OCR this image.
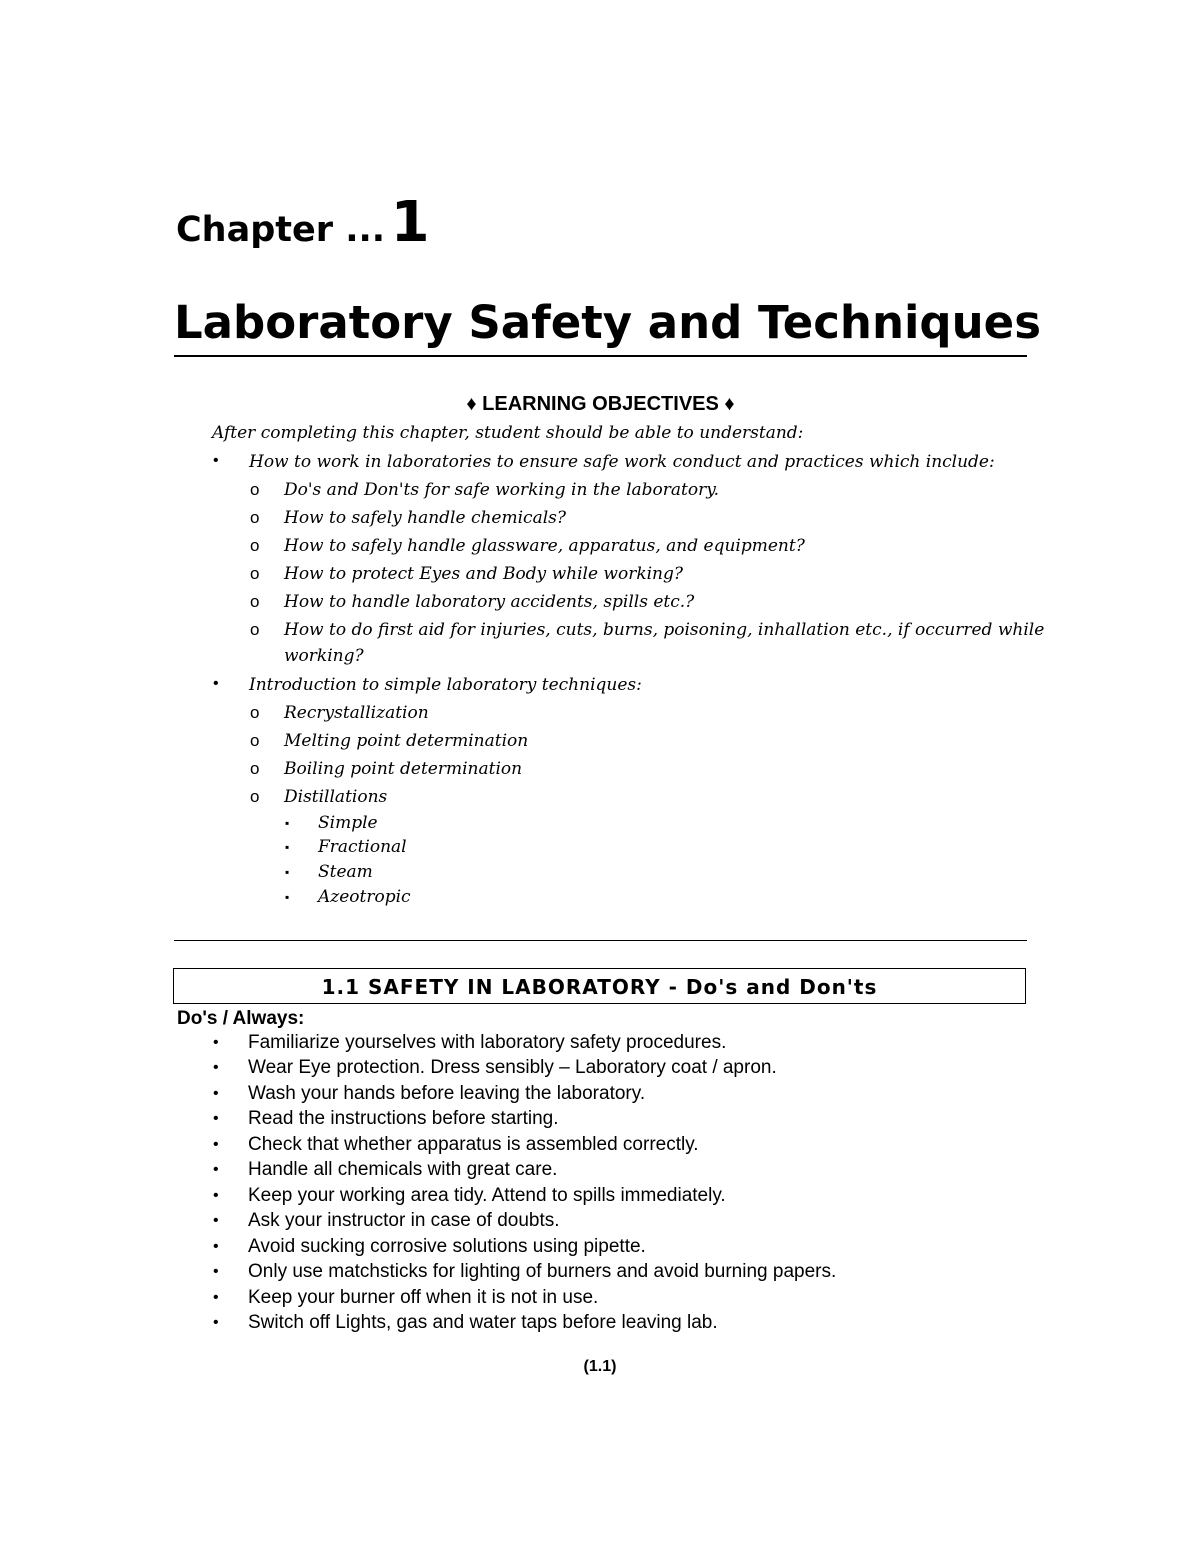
Chapter ... 1
Laboratory Safety and Techniques
♦ LEARNING OBJECTIVES ♦
After completing this chapter, student should be able to understand:
• How to work in laboratories to ensure safe work conduct and practices which include:
o Do's and Don'ts for safe working in the laboratory.
o How to safely handle chemicals?
o How to safely handle glassware, apparatus, and equipment?
o How to protect Eyes and Body while working?
o How to handle laboratory accidents, spills etc.?
o How to do first aid for injuries, cuts, burns, poisoning, inhallation etc., if occurred while
working?
• Introduction to simple laboratory techniques:
o Recrystallization
o Melting point determination
o Boiling point determination
o Distillations
▪ Simple
▪ Fractional
▪ Steam
▪ Azeotropic
1.1 SAFETY IN LABORATORY - Do's and Don'ts
Do's / Always:
• Familiarize yourselves with laboratory safety procedures.
• Wear Eye protection. Dress sensibly – Laboratory coat / apron.
• Wash your hands before leaving the laboratory.
• Read the instructions before starting.
• Check that whether apparatus is assembled correctly.
• Handle all chemicals with great care.
• Keep your working area tidy. Attend to spills immediately.
• Ask your instructor in case of doubts.
• Avoid sucking corrosive solutions using pipette.
• Only use matchsticks for lighting of burners and avoid burning papers.
• Keep your burner off when it is not in use.
• Switch off Lights, gas and water taps before leaving lab.
(1.1)
